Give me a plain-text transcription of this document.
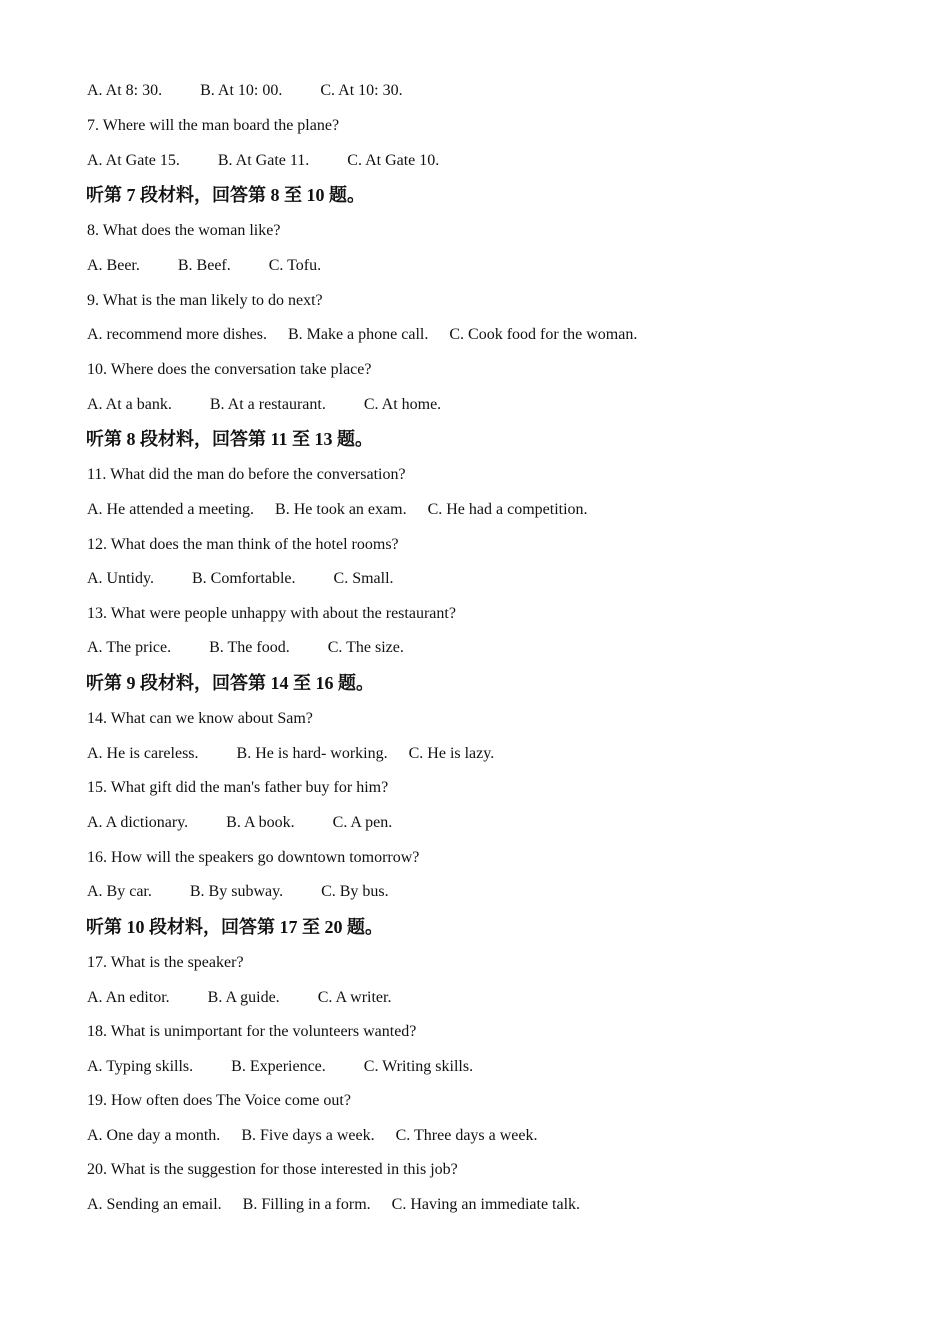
A. At 8: 30. B. At 10: 00. C. At 10: 30.
7. Where will the man board the plane?
A. At Gate 15. B. At Gate 11. C. At Gate 10.
听第 7 段材料，回答第 8 至 10 题。
8. What does the woman like?
A. Beer. B. Beef. C. Tofu.
9. What is the man likely to do next?
A. recommend more dishes. B. Make a phone call. C. Cook food for the woman.
10. Where does the conversation take place?
A. At a bank. B. At a restaurant. C. At home.
听第 8 段材料，回答第 11 至 13 题。
11. What did the man do before the conversation?
A. He attended a meeting. B. He took an exam. C. He had a competition.
12. What does the man think of the hotel rooms?
A. Untidy. B. Comfortable. C. Small.
13. What were people unhappy with about the restaurant?
A. The price. B. The food. C. The size.
听第 9 段材料，回答第 14 至 16 题。
14. What can we know about Sam?
A. He is careless. B. He is hard- working. C. He is lazy.
15. What gift did the man's father buy for him?
A. A dictionary. B. A book. C. A pen.
16. How will the speakers go downtown tomorrow?
A. By car. B. By subway. C. By bus.
听第 10 段材料，回答第 17 至 20 题。
17. What is the speaker?
A. An editor. B. A guide. C. A writer.
18. What is unimportant for the volunteers wanted?
A. Typing skills. B. Experience. C. Writing skills.
19. How often does The Voice come out?
A. One day a month. B. Five days a week. C. Three days a week.
20. What is the suggestion for those interested in this job?
A. Sending an email. B. Filling in a form. C. Having an immediate talk.
